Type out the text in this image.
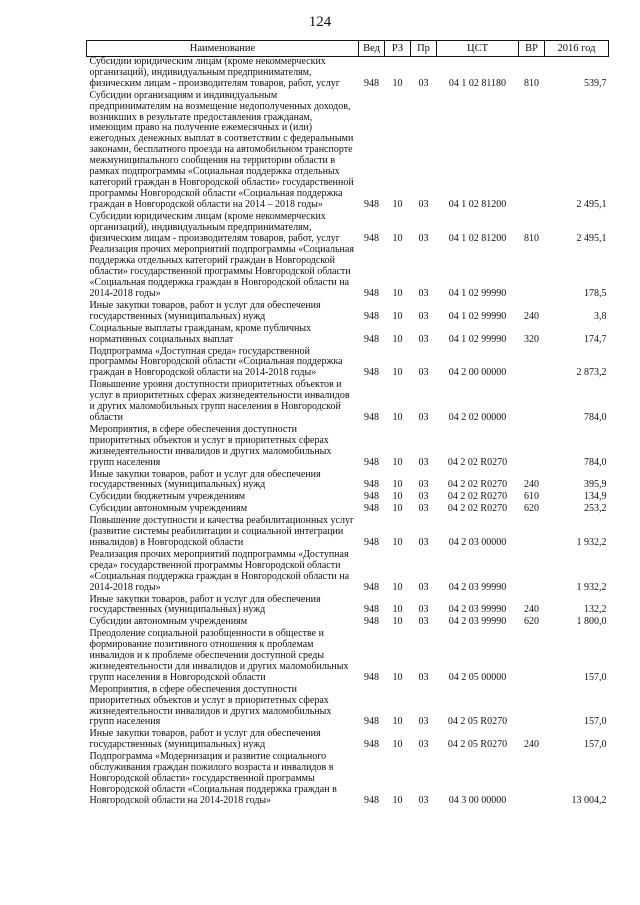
124
Наименование	Вед	РЗ	Пр	ЦСТ	ВР	2016 год
Субсидии юридическим лицам (кроме некоммерческих организаций), индивидуальным предпринимателям, физическим лицам - производителям товаров, работ, услуг	948	10	03	04 1 02 81180	810	539,7
Субсидии организациям и индивидуальным предпринимателям на возмещение недополученных доходов, возникших в результате предоставления гражданам, имеющим право на получение ежемесячных и (или) ежегодных денежных выплат в соответствии с федеральными законами, бесплатного проезда на автомобильном транспорте межмуниципального сообщения на территории области в рамках подпрограммы «Социальная поддержка отдельных категорий граждан в Новгородской области» государственной программы Новгородской области «Социальная поддержка граждан в Новгородской области на 2014 – 2018 годы»	948	10	03	04 1 02 81200		2 495,1
Субсидии юридическим лицам (кроме некоммерческих организаций), индивидуальным предпринимателям, физическим лицам - производителям товаров, работ, услуг	948	10	03	04 1 02 81200	810	2 495,1
Реализация прочих мероприятий подпрограммы «Социальная поддержка отдельных категорий граждан в Новгородской области» государственной программы Новгородской области «Социальная поддержка граждан в Новгородской области на 2014-2018 годы»	948	10	03	04 1 02 99990		178,5
Иные закупки товаров, работ и услуг для обеспечения государственных (муниципальных) нужд	948	10	03	04 1 02 99990	240	3,8
Социальные выплаты гражданам, кроме публичных нормативных социальных выплат	948	10	03	04 1 02 99990	320	174,7
Подпрограмма «Доступная среда» государственной программы Новгородской области «Социальная поддержка граждан в Новгородской области на 2014-2018 годы»	948	10	03	04 2 00 00000		2 873,2
Повышение уровня доступности приоритетных объектов и услуг в приоритетных сферах жизнедеятельности инвалидов и других маломобильных групп населения в Новгородской области	948	10	03	04 2 02 00000		784,0
Мероприятия, в сфере обеспечения доступности приоритетных объектов и услуг в приоритетных сферах жизнедеятельности инвалидов и других маломобильных групп населения	948	10	03	04 2 02 R0270		784,0
Иные закупки товаров, работ и услуг для обеспечения государственных (муниципальных) нужд	948	10	03	04 2 02 R0270	240	395,9
Субсидии бюджетным учреждениям	948	10	03	04 2 02 R0270	610	134,9
Субсидии автономным учреждениям	948	10	03	04 2 02 R0270	620	253,2
Повышение доступности и качества реабилитационных услуг (развитие системы реабилитации и социальной интеграции инвалидов) в Новгородской области	948	10	03	04 2 03 00000		1 932,2
Реализация прочих мероприятий подпрограммы «Доступная среда» государственной программы Новгородской области «Социальная поддержка граждан в Новгородской области на 2014-2018 годы»	948	10	03	04 2 03 99990		1 932,2
Иные закупки товаров, работ и услуг для обеспечения государственных (муниципальных) нужд	948	10	03	04 2 03 99990	240	132,2
Субсидии автономным учреждениям	948	10	03	04 2 03 99990	620	1 800,0
Преодоление социальной разобщенности в обществе и формирование позитивного отношения к проблемам инвалидов и к проблеме обеспечения доступной среды жизнедеятельности для инвалидов и других маломобильных групп населения в Новгородской области	948	10	03	04 2 05 00000		157,0
Мероприятия, в сфере обеспечения доступности приоритетных объектов и услуг в приоритетных сферах жизнедеятельности инвалидов и других маломобильных групп населения	948	10	03	04 2 05 R0270		157,0
Иные закупки товаров, работ и услуг для обеспечения государственных (муниципальных) нужд	948	10	03	04 2 05 R0270	240	157,0
Подпрограмма «Модернизация и развитие социального обслуживания граждан пожилого возраста и инвалидов в Новгородской области» государственной программы Новгородской области «Социальная поддержка граждан в Новгородской области на 2014-2018 годы»	948	10	03	04 3 00 00000		13 004,2
